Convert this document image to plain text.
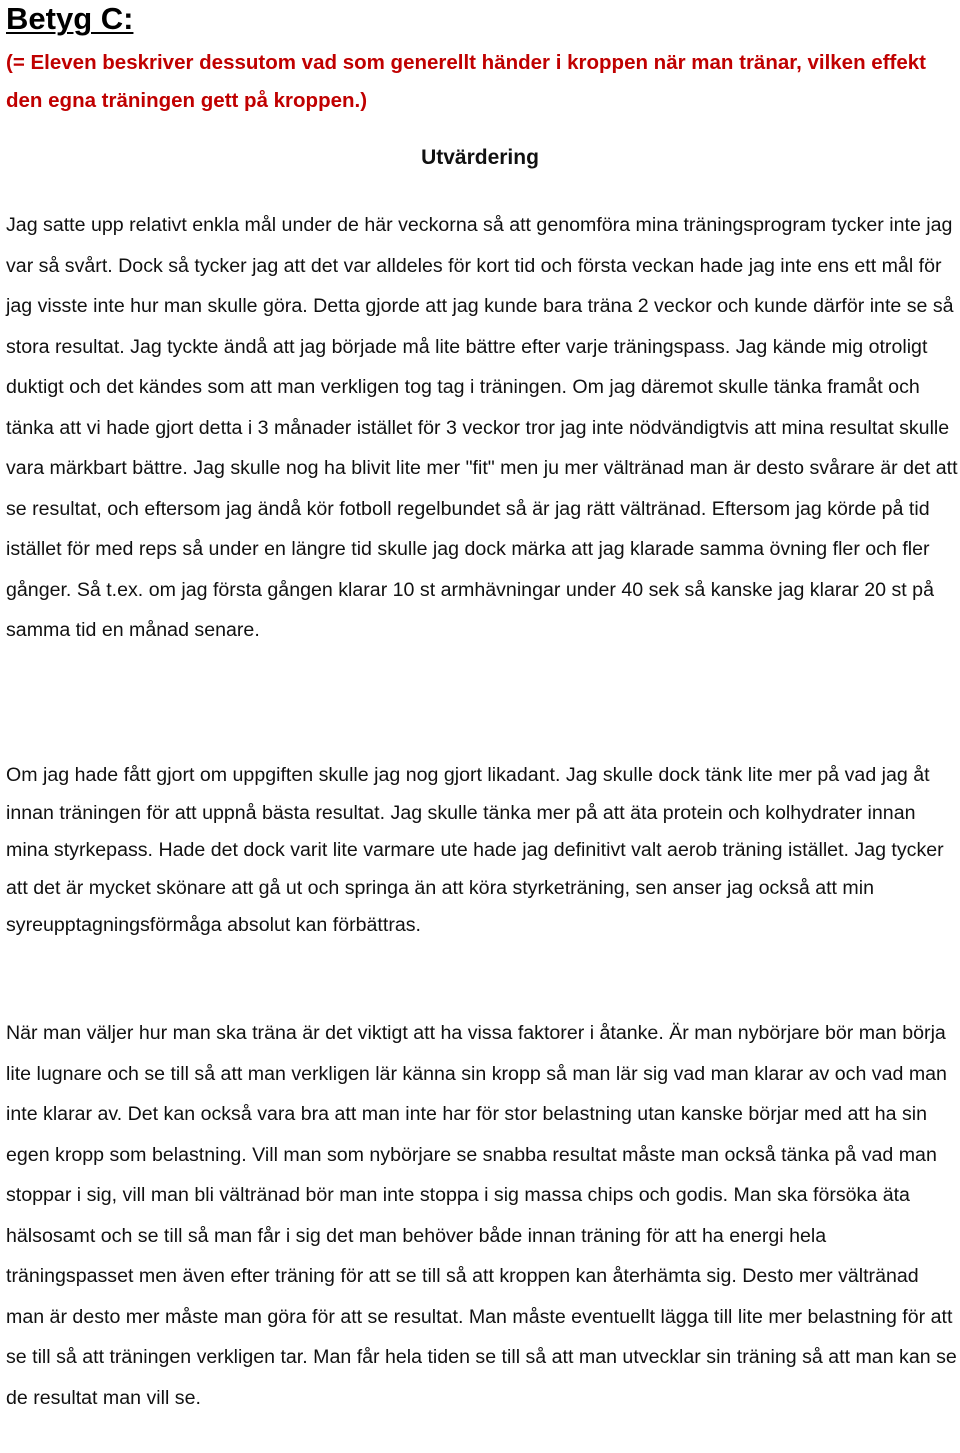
Betyg C:

(= Eleven beskriver dessutom vad som generellt händer i kroppen när man tränar, vilken effekt den egna träningen gett på kroppen.)

Utvärdering

Jag satte upp relativt enkla mål under de här veckorna så att genomföra mina träningsprogram tycker inte jag var så svårt. Dock så tycker jag att det var alldeles för kort tid och första veckan hade jag inte ens ett mål för jag visste inte hur man skulle göra. Detta gjorde att jag kunde bara träna 2 veckor och kunde därför inte se så stora resultat. Jag tyckte ändå att jag började må lite bättre efter varje träningspass. Jag kände mig otroligt duktigt och det kändes som att man verkligen tog tag i träningen. Om jag däremot skulle tänka framåt och tänka att vi hade gjort detta i 3 månader istället för 3 veckor tror jag inte nödvändigtvis att mina resultat skulle vara märkbart bättre. Jag skulle nog ha blivit lite mer "fit" men ju mer vältränad man är desto svårare är det att se resultat, och eftersom jag ändå kör fotboll regelbundet så är jag rätt vältränad. Eftersom jag körde på tid istället för med reps så under en längre tid skulle jag dock märka att jag klarade samma övning fler och fler gånger. Så t.ex. om jag första gången klarar 10 st armhävningar under 40 sek så kanske jag klarar 20 st på samma tid en månad senare.

Om jag hade fått gjort om uppgiften skulle jag nog gjort likadant. Jag skulle dock tänk lite mer på vad jag åt innan träningen för att uppnå bästa resultat. Jag skulle tänka mer på att äta protein och kolhydrater innan mina styrkepass. Hade det dock varit lite varmare ute hade jag definitivt valt aerob träning istället. Jag tycker att det är mycket skönare att gå ut och springa än att köra styrketräning, sen anser jag också att min syreupptagningsförmåga absolut kan förbättras.

När man väljer hur man ska träna är det viktigt att ha vissa faktorer i åtanke. Är man nybörjare bör man börja lite lugnare och se till så att man verkligen lär känna sin kropp så man lär sig vad man klarar av och vad man inte klarar av. Det kan också vara bra att man inte har för stor belastning utan kanske börjar med att ha sin egen kropp som belastning. Vill man som nybörjare se snabba resultat måste man också tänka på vad man stoppar i sig, vill man bli vältränad bör man inte stoppa i sig massa chips och godis. Man ska försöka äta hälsosamt och se till så man får i sig det man behöver både innan träning för att ha energi hela träningspasset men även efter träning för att se till så att kroppen kan återhämta sig. Desto mer vältränad man är desto mer måste man göra för att se resultat. Man måste eventuellt lägga till lite mer belastning för att se till så att träningen verkligen tar. Man får hela tiden se till så att man utvecklar sin träning så att man kan se de resultat man vill se.
